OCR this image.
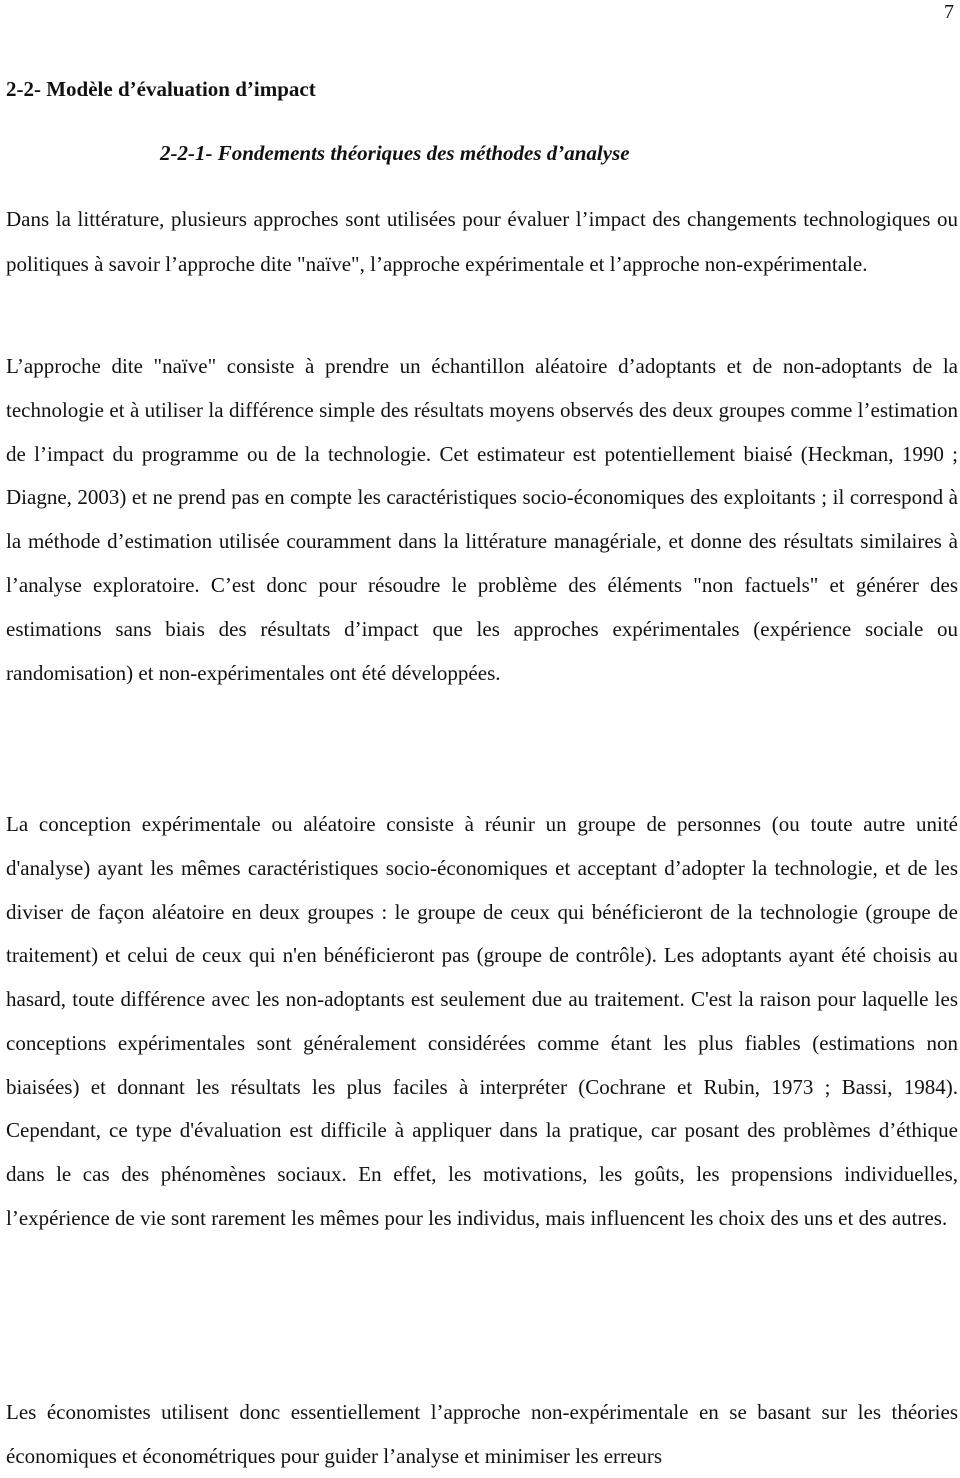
7
2-2- Modèle d’évaluation d’impact
2-2-1- Fondements théoriques des méthodes d’analyse

Dans la littérature, plusieurs approches sont utilisées pour évaluer l’impact des changements technologiques ou politiques à savoir l’approche dite "naïve", l’approche expérimentale et l’approche non-expérimentale.

L’approche dite "naïve" consiste à prendre un échantillon aléatoire d’adoptants et de non-adoptants de la technologie et à utiliser la différence simple des résultats moyens observés des deux groupes comme l’estimation de l’impact du programme ou de la technologie. Cet estimateur est potentiellement biaisé (Heckman, 1990 ; Diagne, 2003) et ne prend pas en compte les caractéristiques socio-économiques des exploitants ; il correspond à la méthode d’estimation utilisée couramment dans la littérature managériale, et donne des résultats similaires à l’analyse exploratoire. C’est donc pour résoudre le problème des éléments "non factuels" et générer des estimations sans biais des résultats d’impact que les approches expérimentales (expérience sociale ou randomisation) et non-expérimentales ont été développées.

La conception expérimentale ou aléatoire consiste à réunir un groupe de personnes (ou toute autre unité d'analyse) ayant les mêmes caractéristiques socio-économiques et acceptant d’adopter la technologie, et de les diviser de façon aléatoire en deux groupes : le groupe de ceux qui bénéficieront de la technologie (groupe de traitement) et celui de ceux qui n'en bénéficieront pas (groupe de contrôle). Les adoptants ayant été choisis au hasard, toute différence avec les non-adoptants est seulement due au traitement. C'est la raison pour laquelle les conceptions expérimentales sont généralement considérées comme étant les plus fiables (estimations non biaisées) et donnant les résultats les plus faciles à interpréter (Cochrane et Rubin, 1973 ; Bassi, 1984). Cependant, ce type d'évaluation est difficile à appliquer dans la pratique, car posant des problèmes d’éthique dans le cas des phénomènes sociaux. En effet, les motivations, les goûts, les propensions individuelles, l’expérience de vie sont rarement les mêmes pour les individus, mais influencent les choix des uns et des autres.

Les économistes utilisent donc essentiellement l’approche non-expérimentale en se basant sur les théories économiques et économétriques pour guider l’analyse et minimiser les erreurs
